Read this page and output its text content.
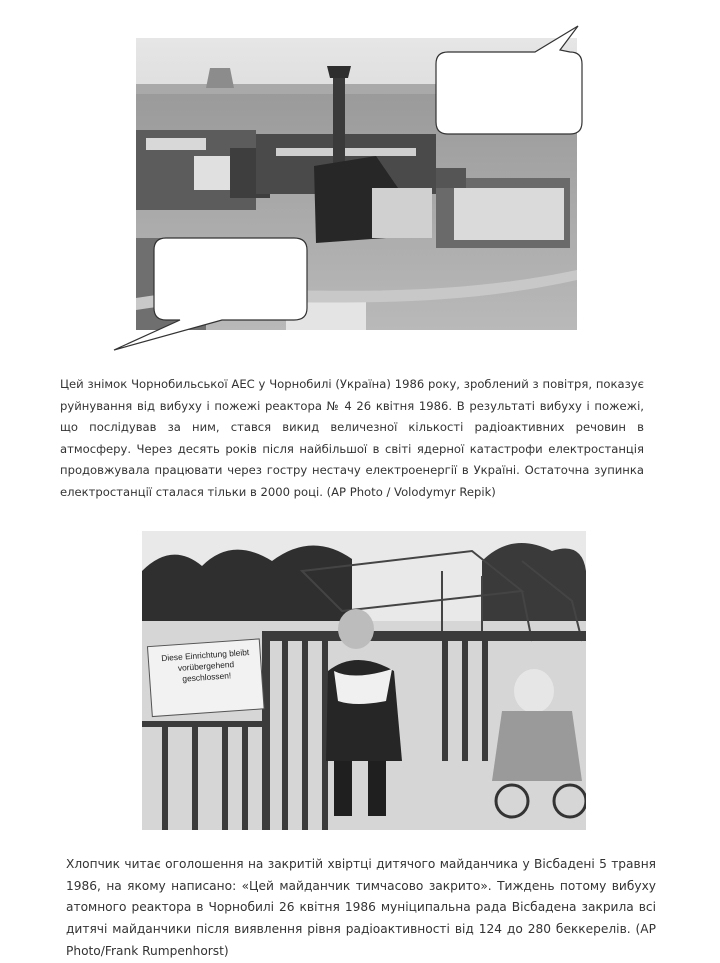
Цей знімок Чорнобильської АЕС у Чорнобилі (Україна) 1986 року, зроблений з повітря, показує руйнування від вибуху і пожежі реактора № 4 26 квітня 1986. В результаті вибуху і пожежі, що послідував за ним, стався викид величезної кількості радіоактивних речовин в атмосферу. Через десять років після найбільшої в світі ядерної катастрофи електростанція продовжувала працювати через гостру нестачу електроенергії в Україні. Остаточна зупинка електростанції сталася тільки в 2000 році. (AP Photo / Volodymyr Repik)

Diese Einrichtung bleibt vorübergehend geschlossen!

Хлопчик читає оголошення на закритій хвіртці дитячого майданчика у Вісбадені 5 травня 1986, на якому написано: «Цей майданчик тимчасово закрито». Тиждень потому вибуху атомного реактора в Чорнобилі 26 квітня 1986 муніципальна рада Вісбадена закрила всі дитячі майданчики після виявлення рівня радіоактивності від 124 до 280 беккерелів. (AP Photo/Frank Rumpenhorst)
